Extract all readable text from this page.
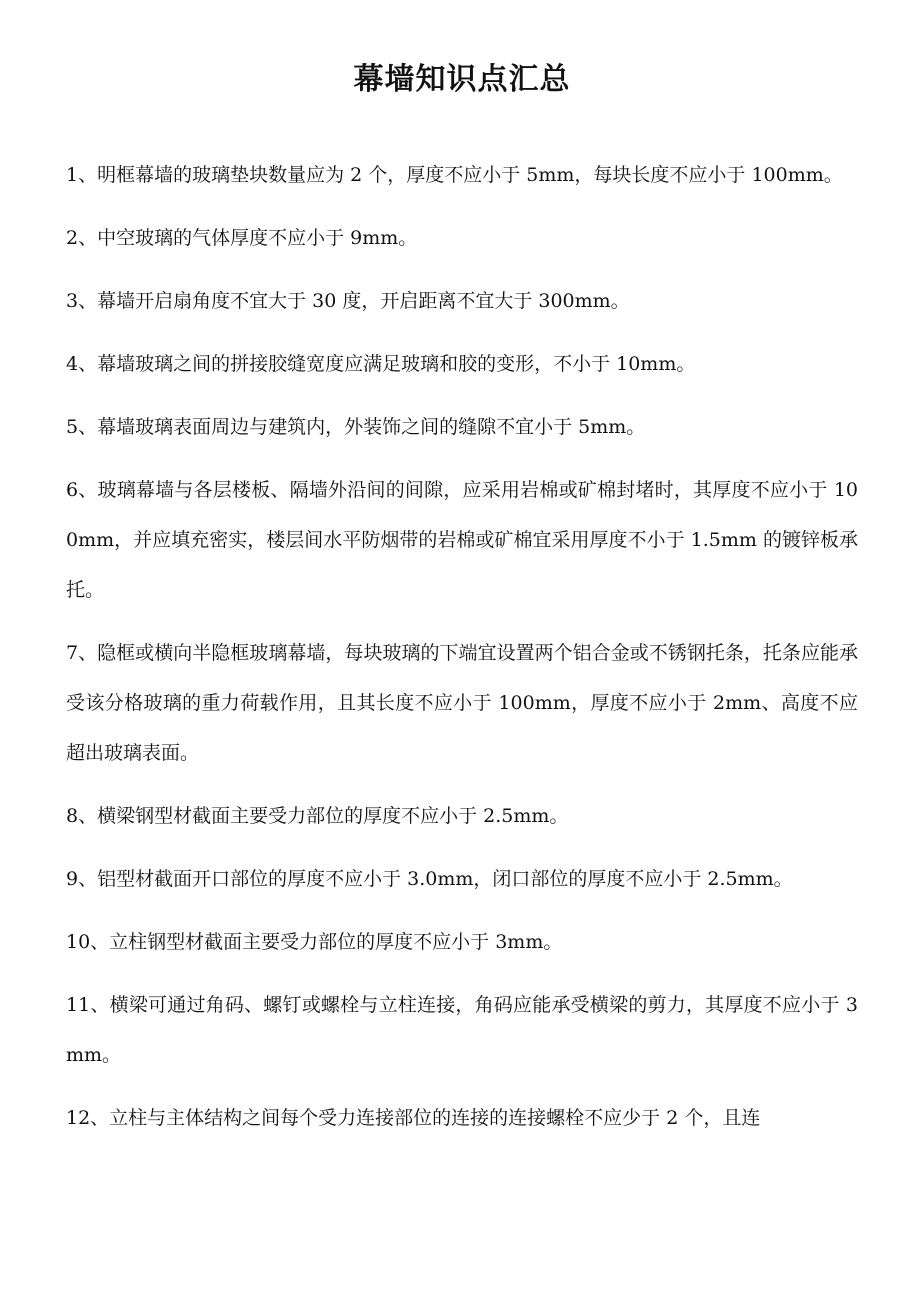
幕墙知识点汇总

1、明框幕墙的玻璃垫块数量应为 2 个，厚度不应小于 5mm，每块长度不应小于 100mm。

2、中空玻璃的气体厚度不应小于 9mm。

3、幕墙开启扇角度不宜大于 30 度，开启距离不宜大于 300mm。

4、幕墙玻璃之间的拼接胶缝宽度应满足玻璃和胶的变形，不小于 10mm。

5、幕墙玻璃表面周边与建筑内，外装饰之间的缝隙不宜小于 5mm。

6、玻璃幕墙与各层楼板、隔墙外沿间的间隙，应采用岩棉或矿棉封堵时，其厚度不应小于 100mm，并应填充密实，楼层间水平防烟带的岩棉或矿棉宜采用厚度不小于 1.5mm 的镀锌板承托。

7、隐框或横向半隐框玻璃幕墙，每块玻璃的下端宜设置两个铝合金或不锈钢托条，托条应能承受该分格玻璃的重力荷载作用，且其长度不应小于 100mm，厚度不应小于 2mm、高度不应超出玻璃表面。

8、横梁钢型材截面主要受力部位的厚度不应小于 2.5mm。

9、铝型材截面开口部位的厚度不应小于 3.0mm，闭口部位的厚度不应小于 2.5mm。

10、立柱钢型材截面主要受力部位的厚度不应小于 3mm。

11、横梁可通过角码、螺钉或螺栓与立柱连接，角码应能承受横梁的剪力，其厚度不应小于 3mm。

12、立柱与主体结构之间每个受力连接部位的连接的连接螺栓不应少于 2 个，且连
